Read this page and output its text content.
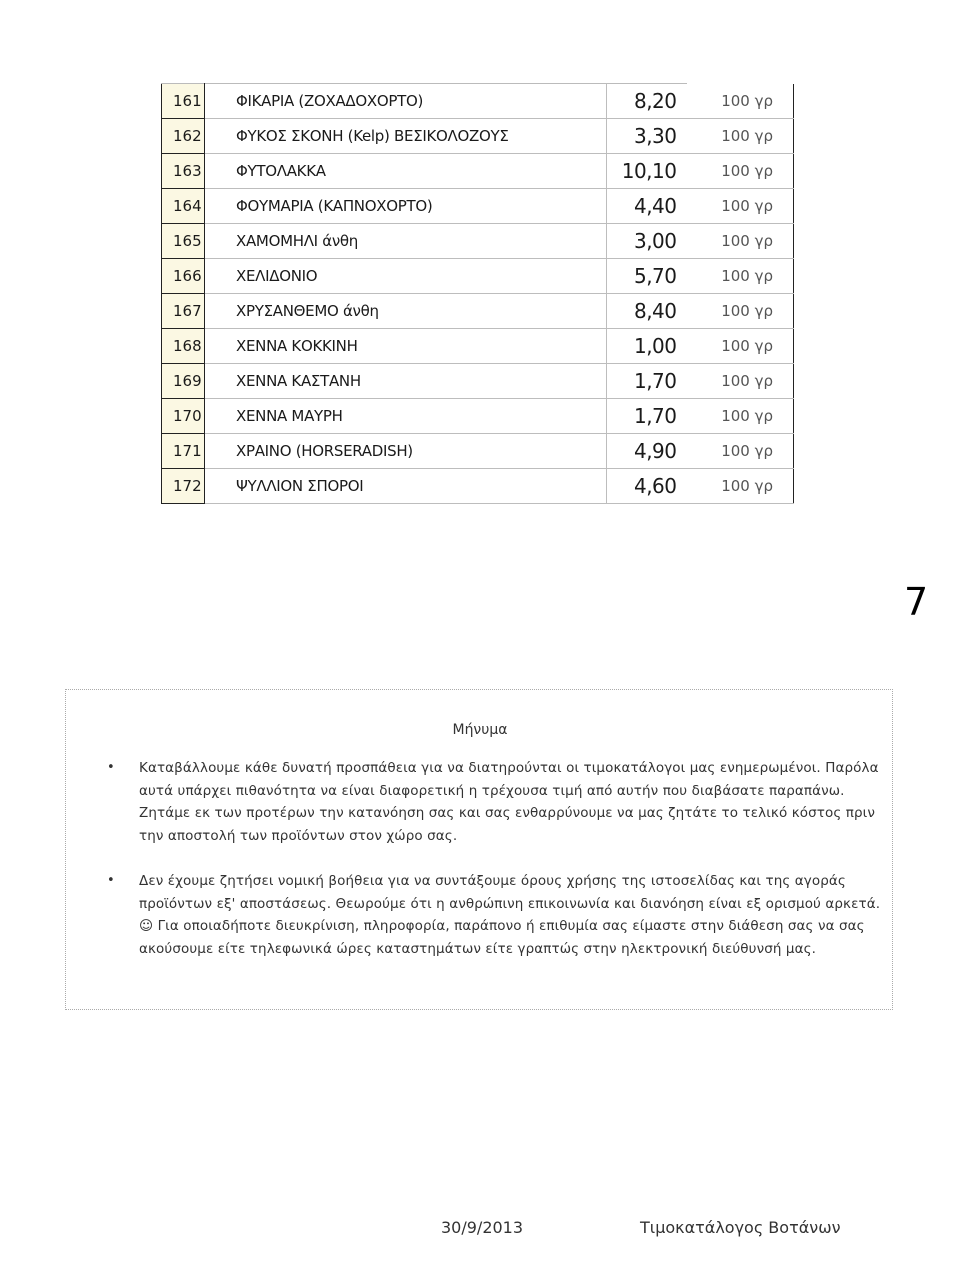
161	ΦΙΚΑΡΙΑ (ΖΟΧΑΔΟΧΟΡΤΟ)	8,20	100 γρ
162	ΦΥΚΟΣ ΣΚΟΝΗ (Kelp) ΒΕΣΙΚΟΛΟΖΟΥΣ	3,30	100 γρ
163	ΦΥΤΟΛΑΚΚΑ	10,10	100 γρ
164	ΦΟΥΜΑΡΙΑ (ΚΑΠΝΟΧΟΡΤΟ)	4,40	100 γρ
165	ΧΑΜΟΜΗΛΙ άνθη	3,00	100 γρ
166	ΧΕΛΙΔΟΝΙΟ	5,70	100 γρ
167	ΧΡΥΣΑΝΘΕΜΟ άνθη	8,40	100 γρ
168	ΧΕΝΝΑ ΚΟΚΚΙΝΗ	1,00	100 γρ
169	ΧΕΝΝΑ ΚΑΣΤΑΝΗ	1,70	100 γρ
170	ΧΕΝΝΑ ΜΑΥΡΗ	1,70	100 γρ
171	ΧΡΑΙΝΟ (HORSERADISH)	4,90	100 γρ
172	ΨΥΛΛΙΟΝ ΣΠΟΡΟΙ	4,60	100 γρ
7
Μήνυμα
• Καταβάλλουμε κάθε δυνατή προσπάθεια για να διατηρούνται οι τιμοκατάλογοι μας ενημερωμένοι. Παρόλα αυτά υπάρχει πιθανότητα να είναι διαφορετική η τρέχουσα τιμή από αυτήν που διαβάσατε παραπάνω. Ζητάμε εκ των προτέρων την κατανόηση σας και σας ενθαρρύνουμε να μας ζητάτε το τελικό κόστος πριν την αποστολή των προϊόντων στον χώρο σας.
• Δεν έχουμε ζητήσει νομική βοήθεια για να συντάξουμε όρους χρήσης της ιστοσελίδας και της αγοράς προϊόντων εξ' αποστάσεως. Θεωρούμε ότι η ανθρώπινη επικοινωνία και διανόηση είναι εξ ορισμού αρκετά. ☺ Για οποιαδήποτε διευκρίνιση, πληροφορία, παράπονο ή επιθυμία σας είμαστε στην διάθεση σας να σας ακούσουμε είτε τηλεφωνικά ώρες καταστημάτων είτε γραπτώς στην ηλεκτρονική διεύθυνσή μας.
30/9/2013	Τιμοκατάλογος Βοτάνων
